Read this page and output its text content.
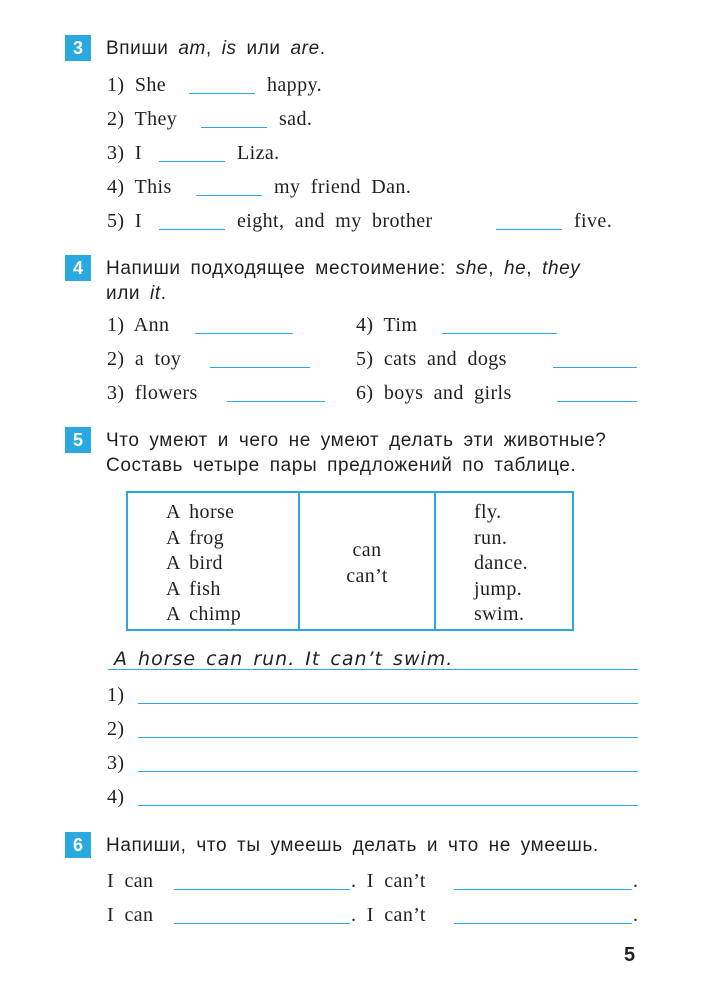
3	Впиши am, is или are.
1) She	happy.
2) They	sad.
3) I	Liza.
4) This	my friend Dan.
5) I	eight, and my brother	five.
4	Напиши подходящее местоимение: she, he, they
или it.
1) Ann
2) a toy
3) flowers
4) Tim
5) cats and dogs
6) boys and girls
5	Что умеют и чего не умеют делать эти животные?
Составь четыре пары предложений по таблице.
A horse
A frog
A bird
A fish
A chimp
can
can’t
fly.
run.
dance.
jump.
swim.
A horse can run. It can’t swim.
1)
2)
3)
4)
6	Напиши, что ты умеешь делать и что не умеешь.
I can	. I can’t	.
I can	. I can’t	.
5
